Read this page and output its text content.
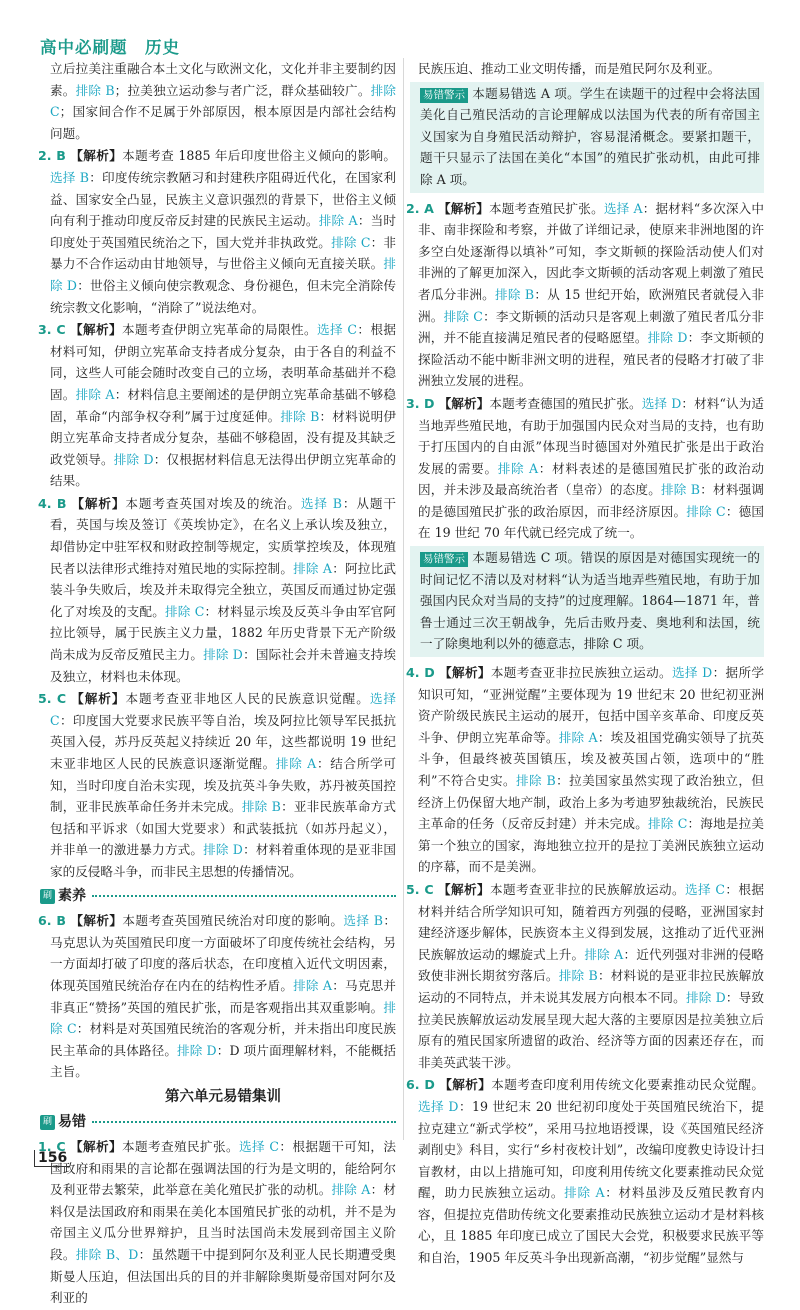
高中必刷题　历史

立后拉美注重融合本土文化与欧洲文化，文化并非主要制约因素。排除 B；拉美独立运动参与者广泛，群众基础较广。排除 C；国家间合作不足属于外部原因，根本原因是内部社会结构问题。

2. B 【解析】本题考查 1885 年后印度世俗主义倾向的影响。选择 B：印度传统宗教陋习和封建秩序阻碍近代化，在国家利益、国家安全凸显，民族主义意识强烈的背景下，世俗主义倾向有利于推动印度反帝反封建的民族民主运动。排除 A：当时印度处于英国殖民统治之下，国大党并非执政党。排除 C：非暴力不合作运动由甘地领导，与世俗主义倾向无直接关联。排除 D：世俗主义倾向使宗教观念、身份褪色，但未完全消除传统宗教文化影响，“消除了”说法绝对。

3. C 【解析】本题考查伊朗立宪革命的局限性。选择 C：根据材料可知，伊朗立宪革命支持者成分复杂，由于各自的利益不同，这些人可能会随时改变自己的立场，表明革命基础并不稳固。排除 A：材料信息主要阐述的是伊朗立宪革命基础不够稳固，革命“内部争权夺利”属于过度延伸。排除 B：材料说明伊朗立宪革命支持者成分复杂，基础不够稳固，没有提及其缺乏政党领导。排除 D：仅根据材料信息无法得出伊朗立宪革命的结果。

4. B 【解析】本题考查英国对埃及的统治。选择 B：从题干看，英国与埃及签订《英埃协定》，在名义上承认埃及独立，却借协定中驻军权和财政控制等规定，实质掌控埃及，体现殖民者以法律形式维持对殖民地的实际控制。排除 A：阿拉比武装斗争失败后，埃及并未取得完全独立，英国反而通过协定强化了对埃及的支配。排除 C：材料显示埃及反英斗争由军官阿拉比领导，属于民族主义力量，1882 年历史背景下无产阶级尚未成为反帝反殖民主力。排除 D：国际社会并未普遍支持埃及独立，材料也未体现。

5. C 【解析】本题考查亚非地区人民的民族意识觉醒。选择 C：印度国大党要求民族平等自治，埃及阿拉比领导军民抵抗英国入侵，苏丹反英起义持续近 20 年，这些都说明 19 世纪末亚非地区人民的民族意识逐渐觉醒。排除 A：结合所学可知，当时印度自治未实现，埃及抗英斗争失败，苏丹被英国控制，亚非民族革命任务并未完成。排除 B：亚非民族革命方式包括和平诉求（如国大党要求）和武装抵抗（如苏丹起义），并非单一的激进暴力方式。排除 D：材料着重体现的是亚非国家的反侵略斗争，而非民主思想的传播情况。

刷 素养

6. B 【解析】本题考查英国殖民统治对印度的影响。选择 B：马克思认为英国殖民印度一方面破坏了印度传统社会结构，另一方面却打破了印度的落后状态，在印度植入近代文明因素，体现英国殖民统治存在内在的结构性矛盾。排除 A：马克思并非真正“赞扬”英国的殖民扩张，而是客观指出其双重影响。排除 C：材料是对英国殖民统治的客观分析，并未指出印度民族民主革命的具体路径。排除 D：D 项片面理解材料，不能概括主旨。

第六单元易错集训
刷 易错

1. C 【解析】本题考查殖民扩张。选择 C：根据题干可知，法国政府和雨果的言论都在强调法国的行为是文明的，能给阿尔及利亚带去繁荣，此举意在美化殖民扩张的动机。排除 A：材料仅是法国政府和雨果在美化本国殖民扩张的动机，并不是为帝国主义瓜分世界辩护，且当时法国尚未发展到帝国主义阶段。排除 B、D：虽然题干中提到阿尔及利亚人民长期遭受奥斯曼人压迫，但法国出兵的目的并非解除奥斯曼帝国对阿尔及利亚的

民族压迫、推动工业文明传播，而是殖民阿尔及利亚。

易错警示 本题易错选 A 项。学生在读题干的过程中会将法国美化自己殖民活动的言论理解成以法国为代表的所有帝国主义国家为自身殖民活动辩护，容易混淆概念。要紧扣题干，题干只显示了法国在美化“本国”的殖民扩张动机，由此可排除 A 项。

2. A 【解析】本题考查殖民扩张。选择 A：据材料“多次深入中非、南非探险和考察，并做了详细记录，使原来非洲地图的许多空白处逐渐得以填补”可知，李文斯顿的探险活动使人们对非洲的了解更加深入，因此李文斯顿的活动客观上刺激了殖民者瓜分非洲。排除 B：从 15 世纪开始，欧洲殖民者就侵入非洲。排除 C：李文斯顿的活动只是客观上刺激了殖民者瓜分非洲，并不能直接满足殖民者的侵略愿望。排除 D：李文斯顿的探险活动不能中断非洲文明的进程，殖民者的侵略才打破了非洲独立发展的进程。

3. D 【解析】本题考查德国的殖民扩张。选择 D：材料“认为适当地弄些殖民地，有助于加强国内民众对当局的支持，也有助于打压国内的自由派”体现当时德国对外殖民扩张是出于政治发展的需要。排除 A：材料表述的是德国殖民扩张的政治动因，并未涉及最高统治者（皇帝）的态度。排除 B：材料强调的是德国殖民扩张的政治原因，而非经济原因。排除 C：德国在 19 世纪 70 年代就已经完成了统一。

易错警示 本题易错选 C 项。错误的原因是对德国实现统一的时间记忆不清以及对材料“认为适当地弄些殖民地，有助于加强国内民众对当局的支持”的过度理解。1864—1871 年，普鲁士通过三次王朝战争，先后击败丹麦、奥地利和法国，统一了除奥地利以外的德意志，排除 C 项。

4. D 【解析】本题考查亚非拉民族独立运动。选择 D：据所学知识可知，“亚洲觉醒”主要体现为 19 世纪末 20 世纪初亚洲资产阶级民族民主运动的展开，包括中国辛亥革命、印度反英斗争、伊朗立宪革命等。排除 A：埃及祖国党确实领导了抗英斗争，但最终被英国镇压，埃及被英国占领，选项中的“胜利”不符合史实。排除 B：拉美国家虽然实现了政治独立，但经济上仍保留大地产制，政治上多为考迪罗独裁统治，民族民主革命的任务（反帝反封建）并未完成。排除 C：海地是拉美第一个独立的国家，海地独立拉开的是拉丁美洲民族独立运动的序幕，而不是美洲。

5. C 【解析】本题考查亚非拉的民族解放运动。选择 C：根据材料并结合所学知识可知，随着西方列强的侵略，亚洲国家封建经济逐步解体，民族资本主义得到发展，这推动了近代亚洲民族解放运动的螺旋式上升。排除 A：近代列强对非洲的侵略致使非洲长期贫穷落后。排除 B：材料说的是亚非拉民族解放运动的不同特点，并未说其发展方向根本不同。排除 D：导致拉美民族解放运动发展呈现大起大落的主要原因是拉美独立后原有的殖民国家所遗留的政治、经济等方面的因素还存在，而非美英武装干涉。

6. D 【解析】本题考查印度利用传统文化要素推动民众觉醒。选择 D：19 世纪末 20 世纪初印度处于英国殖民统治下，提拉克建立“新式学校”，采用马拉地语授课，设《英国殖民经济剥削史》科目，实行“乡村夜校计划”，改编印度教史诗设计扫盲教材，由以上措施可知，印度利用传统文化要素推动民众觉醒，助力民族独立运动。排除 A：材料虽涉及反殖民教育内容，但提拉克借助传统文化要素推动民族独立运动才是材料核心，且 1885 年印度已成立了国民大会党，积极要求民族平等和自治，1905 年反英斗争出现新高潮，“初步觉醒”显然与

156
